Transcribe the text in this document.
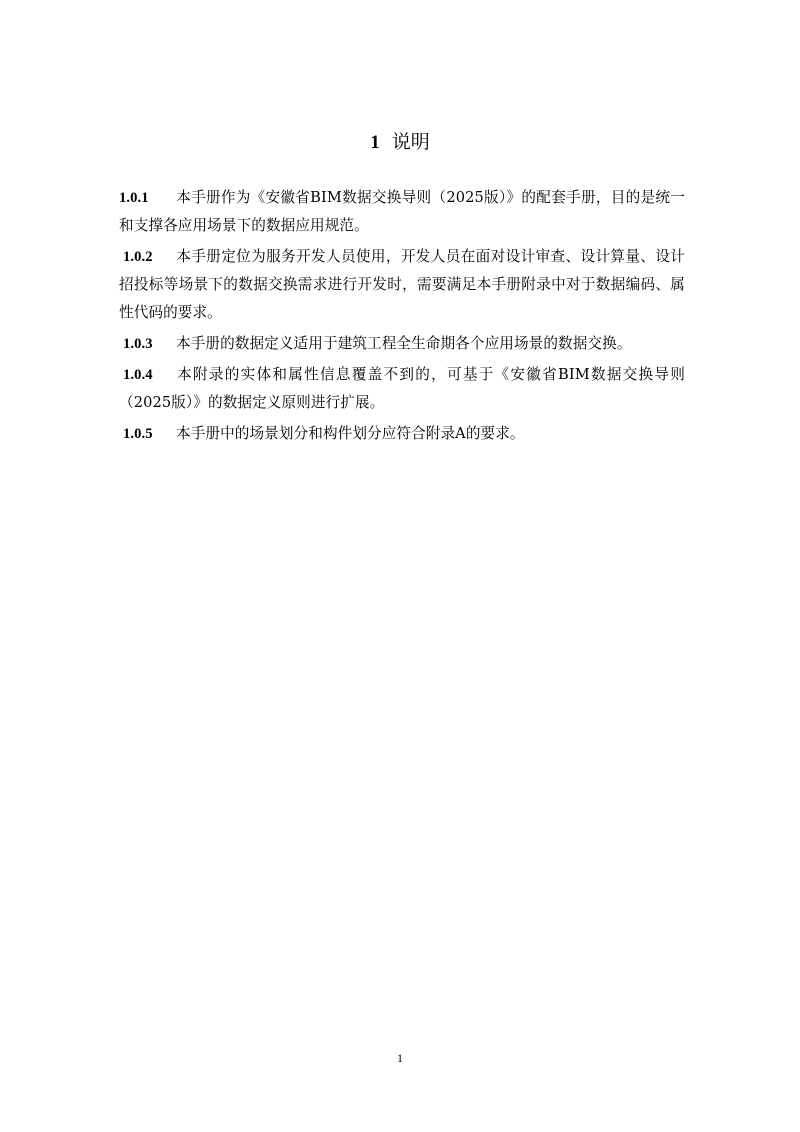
1 说明

1.0.1 本手册作为《安徽省BIM数据交换导则（2025版）》的配套手册，目的是统一和支撑各应用场景下的数据应用规范。

1.0.2 本手册定位为服务开发人员使用，开发人员在面对设计审查、设计算量、设计招投标等场景下的数据交换需求进行开发时，需要满足本手册附录中对于数据编码、属性代码的要求。

1.0.3 本手册的数据定义适用于建筑工程全生命期各个应用场景的数据交换。

1.0.4 本附录的实体和属性信息覆盖不到的，可基于《安徽省BIM数据交换导则（2025版）》的数据定义原则进行扩展。

1.0.5 本手册中的场景划分和构件划分应符合附录A的要求。

1
